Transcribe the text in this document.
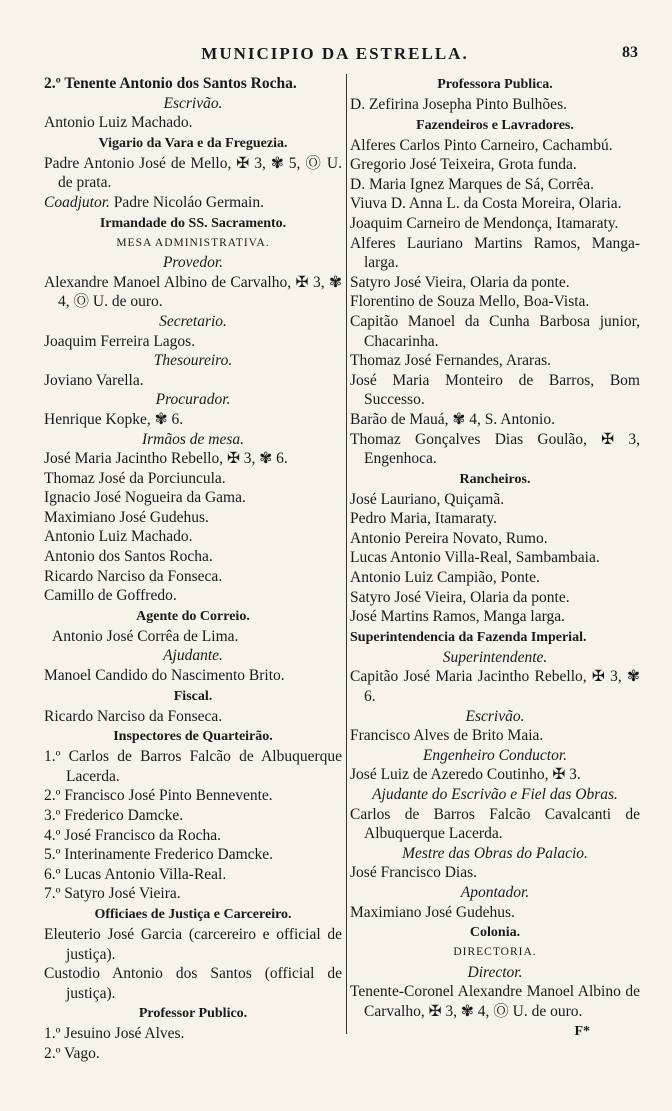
MUNICIPIO DA ESTRELLA.	83
2.º Tenente Antonio dos Santos Rocha.
Escrivão.
Antonio Luiz Machado.
Vigario da Vara e da Freguezia.
Padre Antonio José de Mello, ✠ 3, ✾ 5, Ⓞ U. de prata.
Coadjutor. Padre Nicoláo Germain.
Irmandade do SS. Sacramento.
MESA ADMINISTRATIVA.
Provedor.
Alexandre Manoel Albino de Carvalho, ✠ 3, ✾ 4, Ⓞ U. de ouro.
Secretario.
Joaquim Ferreira Lagos.
Thesoureiro.
Joviano Varella.
Procurador.
Henrique Kopke, ✾ 6.
Irmãos de mesa.
José Maria Jacintho Rebello, ✠ 3, ✾ 6.
Thomaz José da Porciuncula.
Ignacio José Nogueira da Gama.
Maximiano José Gudehus.
Antonio Luiz Machado.
Antonio dos Santos Rocha.
Ricardo Narciso da Fonseca.
Camillo de Goffredo.
Agente do Correio.
Antonio José Corrêa de Lima.
Ajudante.
Manoel Candido do Nascimento Brito.
Fiscal.
Ricardo Narciso da Fonseca.
Inspectores de Quarteirão.
1.º Carlos de Barros Falcão de Albuquerque Lacerda.
2.º Francisco José Pinto Bennevente.
3.º Frederico Damcke.
4.º José Francisco da Rocha.
5.º Interinamente Frederico Damcke.
6.º Lucas Antonio Villa-Real.
7.º Satyro José Vieira.
Officiaes de Justiça e Carcereiro.
Eleuterio José Garcia (carcereiro e official de justiça).
Custodio Antonio dos Santos (official de justiça).
Professor Publico.
1.º Jesuino José Alves.
2.º Vago.
Professora Publica.
D. Zefirina Josepha Pinto Bulhões.
Fazendeiros e Lavradores.
Alferes Carlos Pinto Carneiro, Cachambú.
Gregorio José Teixeira, Grota funda.
D. Maria Ignez Marques de Sá, Corrêa.
Viuva D. Anna L. da Costa Moreira, Olaria.
Joaquim Carneiro de Mendonça, Itamaraty.
Alferes Lauriano Martins Ramos, Manga-larga.
Satyro José Vieira, Olaria da ponte.
Florentino de Souza Mello, Boa-Vista.
Capitão Manoel da Cunha Barbosa junior, Chacarinha.
Thomaz José Fernandes, Araras.
José Maria Monteiro de Barros, Bom Successo.
Barão de Mauá, ✾ 4, S. Antonio.
Thomaz Gonçalves Dias Goulão, ✠ 3, Engenhoca.
Rancheiros.
José Lauriano, Quiçamã.
Pedro Maria, Itamaraty.
Antonio Pereira Novato, Rumo.
Lucas Antonio Villa-Real, Sambambaia.
Antonio Luiz Campião, Ponte.
Satyro José Vieira, Olaria da ponte.
José Martins Ramos, Manga larga.
Superintendencia da Fazenda Imperial.
Superintendente.
Capitão José Maria Jacintho Rebello, ✠ 3, ✾ 6.
Escrivão.
Francisco Alves de Brito Maia.
Engenheiro Conductor.
José Luiz de Azeredo Coutinho, ✠ 3.
Ajudante do Escrivão e Fiel das Obras.
Carlos de Barros Falcão Cavalcanti de Albuquerque Lacerda.
Mestre das Obras do Palacio.
José Francisco Dias.
Apontador.
Maximiano José Gudehus.
Colonia.
DIRECTORIA.
Director.
Tenente-Coronel Alexandre Manoel Albino de Carvalho, ✠ 3, ✾ 4, Ⓞ U. de ouro.
F*
